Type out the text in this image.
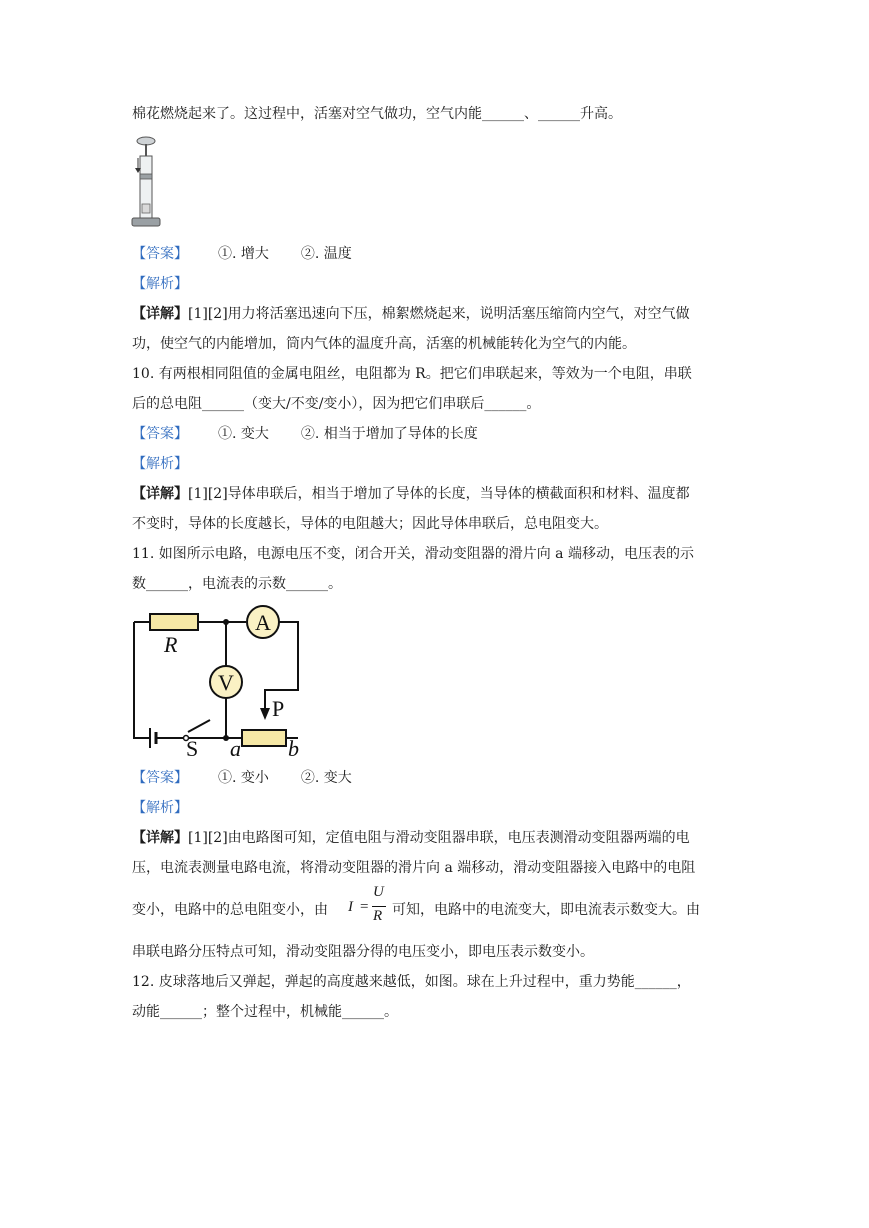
棉花燃烧起来了。这过程中，活塞对空气做功，空气内能______、______升高。
【答案】 ①. 增大 ②. 温度
【解析】
【详解】[1][2]用力将活塞迅速向下压，棉絮燃烧起来，说明活塞压缩筒内空气，对空气做
功，使空气的内能增加，筒内气体的温度升高，活塞的机械能转化为空气的内能。
10. 有两根相同阻值的金属电阻丝，电阻都为 R。把它们串联起来，等效为一个电阻，串联
后的总电阻______（变大/不变/变小），因为把它们串联后______。
【答案】 ①. 变大 ②. 相当于增加了导体的长度
【解析】
【详解】[1][2]导体串联后，相当于增加了导体的长度，当导体的横截面积和材料、温度都
不变时，导体的长度越长，导体的电阻越大；因此导体串联后，总电阻变大。
11. 如图所示电路，电源电压不变，闭合开关，滑动变阻器的滑片向 a 端移动，电压表的示
数______，电流表的示数______。
R
A
V
P
S a b
【答案】 ①. 变小 ②. 变大
【解析】
【详解】[1][2]由电路图可知，定值电阻与滑动变阻器串联，电压表测滑动变阻器两端的电
压，电流表测量电路电流，将滑动变阻器的滑片向 a 端移动，滑动变阻器接入电路中的电阻
变小，电路中的总电阻变小，由 I =
U
R 可知，电路中的电流变大，即电流表示数变大。由
串联电路分压特点可知，滑动变阻器分得的电压变小，即电压表示数变小。
12. 皮球落地后又弹起，弹起的高度越来越低，如图。球在上升过程中，重力势能______，
动能______；整个过程中，机械能______。
